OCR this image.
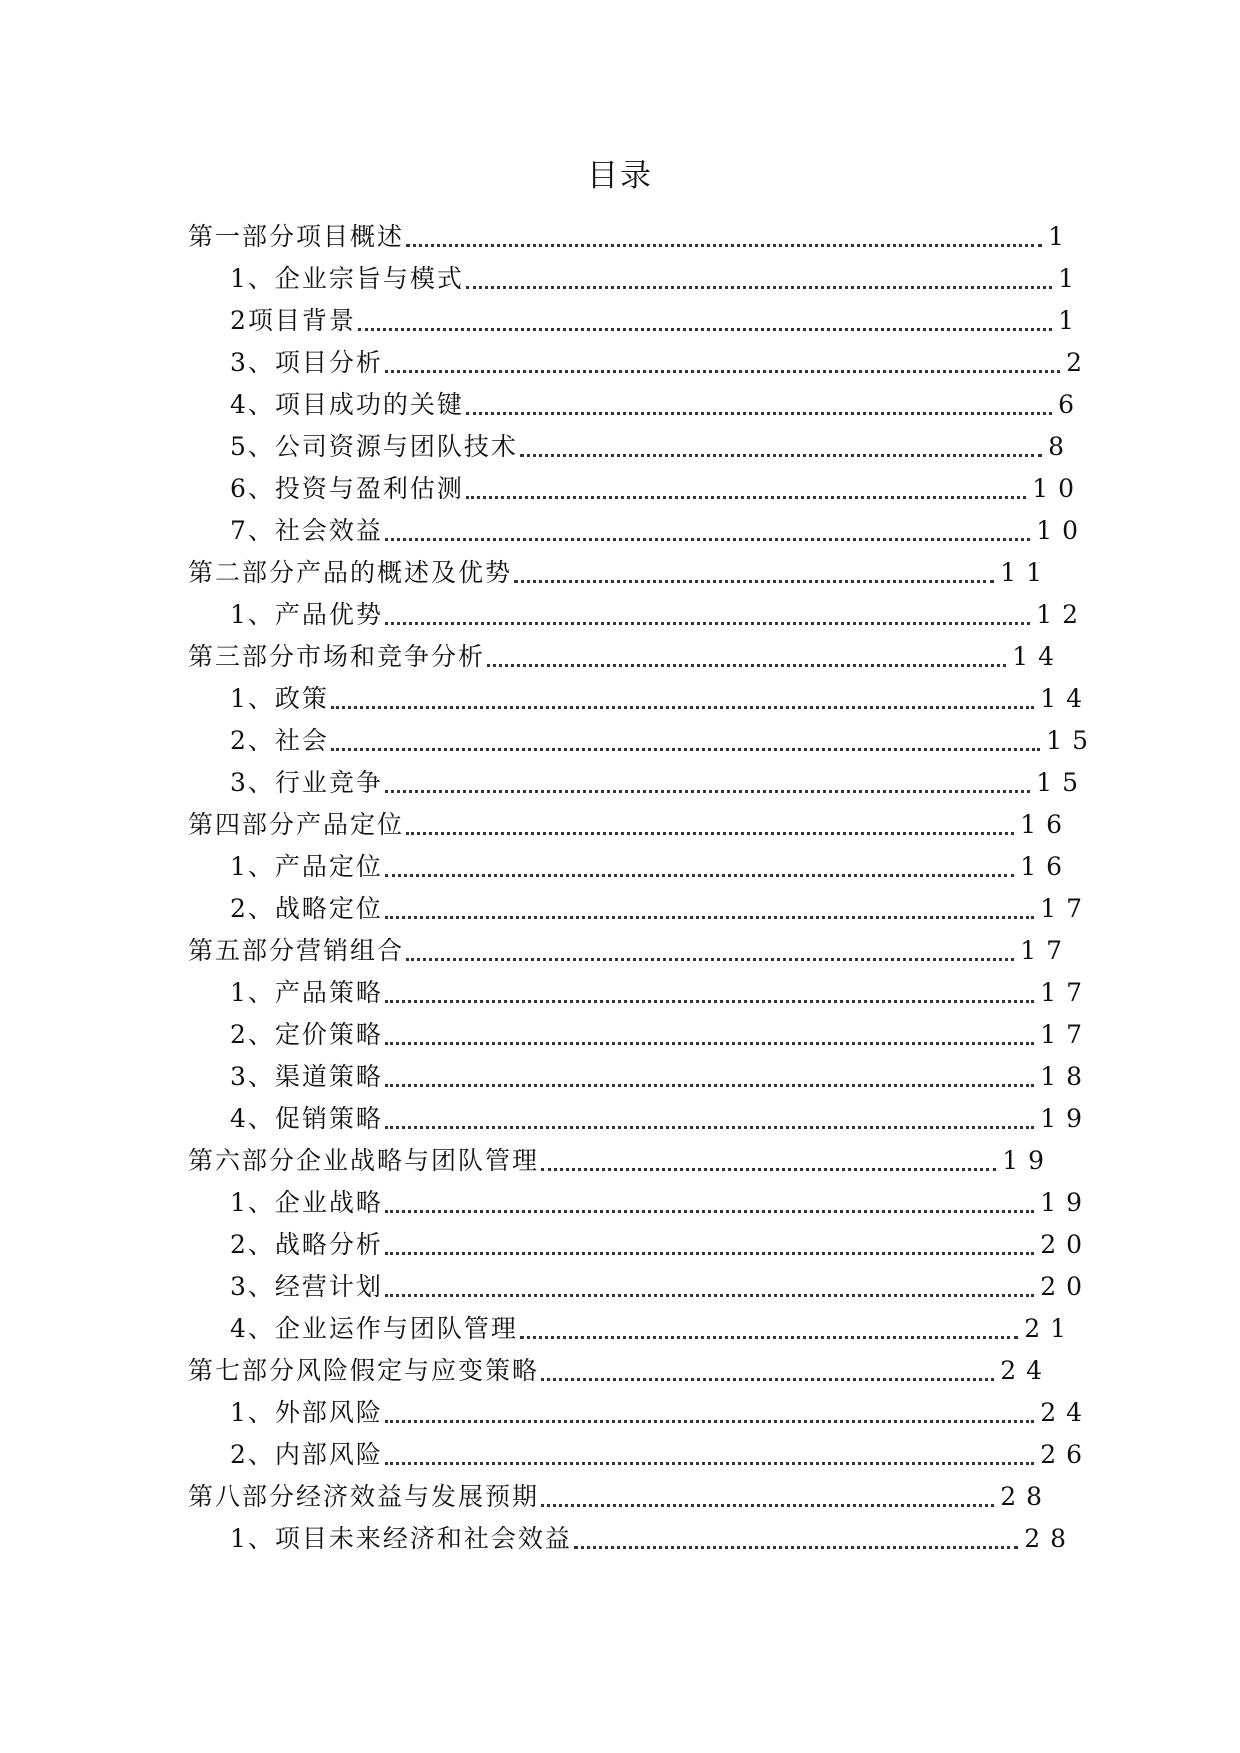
目录
第一部分项目概述	1
1、企业宗旨与模式	1
2项目背景	1
3、项目分析	2
4、项目成功的关键	6
5、公司资源与团队技术	8
6、投资与盈利估测	10
7、社会效益	10
第二部分产品的概述及优势	11
1、产品优势	12
第三部分市场和竞争分析	14
1、政策	14
2、社会	15
3、行业竞争	15
第四部分产品定位	16
1、产品定位	16
2、战略定位	17
第五部分营销组合	17
1、产品策略	17
2、定价策略	17
3、渠道策略	18
4、促销策略	19
第六部分企业战略与团队管理	19
1、企业战略	19
2、战略分析	20
3、经营计划	20
4、企业运作与团队管理	21
第七部分风险假定与应变策略	24
1、外部风险	24
2、内部风险	26
第八部分经济效益与发展预期	28
1、项目未来经济和社会效益	28
